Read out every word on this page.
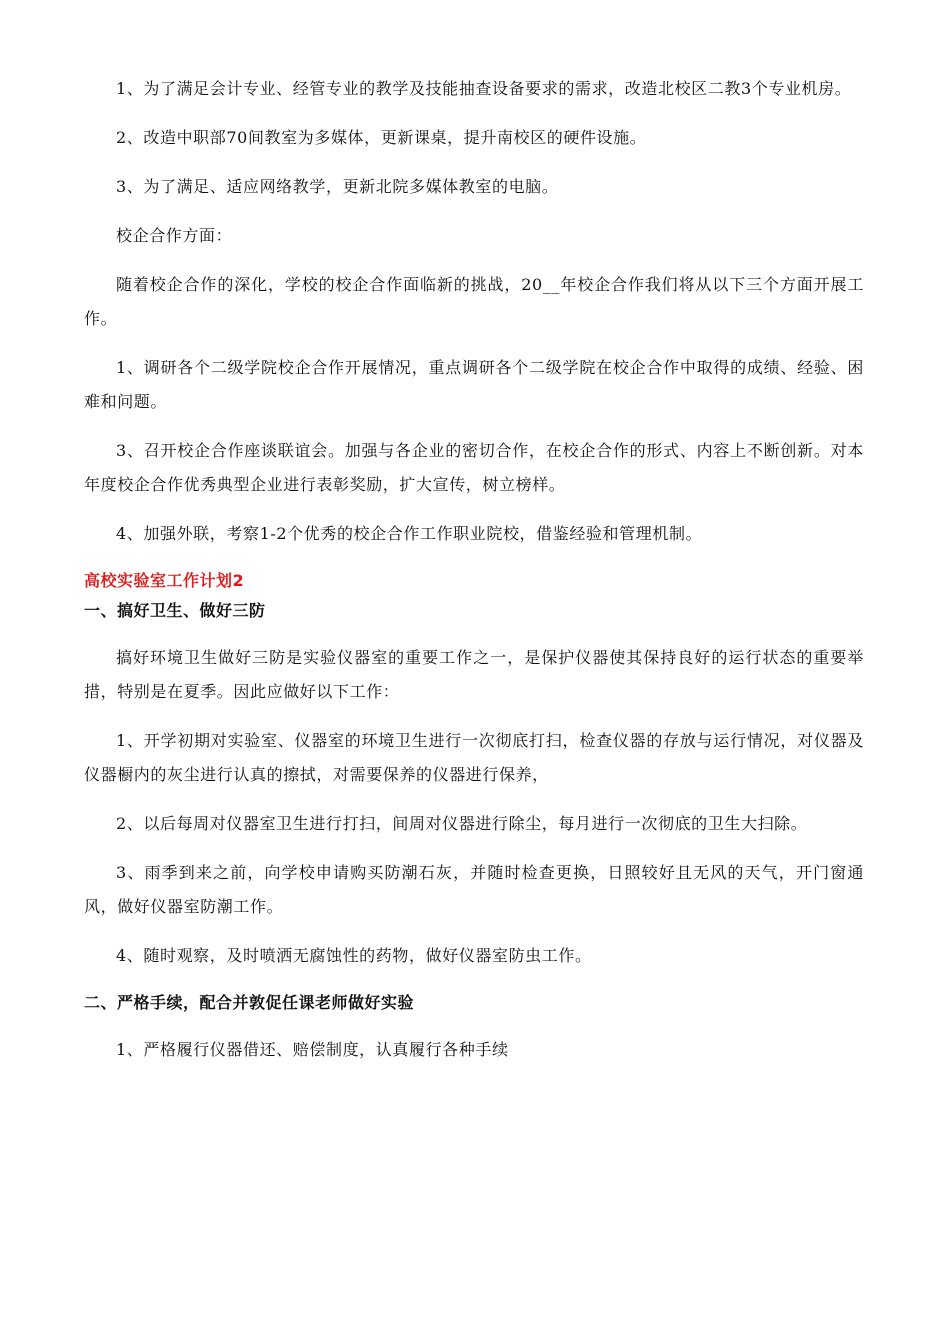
1、为了满足会计专业、经管专业的教学及技能抽查设备要求的需求，改造北校区二教3个专业机房。

2、改造中职部70间教室为多媒体，更新课桌，提升南校区的硬件设施。

3、为了满足、适应网络教学，更新北院多媒体教室的电脑。

校企合作方面：

随着校企合作的深化，学校的校企合作面临新的挑战，20__年校企合作我们将从以下三个方面开展工作。

1、调研各个二级学院校企合作开展情况，重点调研各个二级学院在校企合作中取得的成绩、经验、困难和问题。

3、召开校企合作座谈联谊会。加强与各企业的密切合作，在校企合作的形式、内容上不断创新。对本年度校企合作优秀典型企业进行表彰奖励，扩大宣传，树立榜样。

4、加强外联，考察1-2个优秀的校企合作工作职业院校，借鉴经验和管理机制。

高校实验室工作计划2
一、搞好卫生、做好三防

搞好环境卫生做好三防是实验仪器室的重要工作之一，是保护仪器使其保持良好的运行状态的重要举措，特别是在夏季。因此应做好以下工作：

1、开学初期对实验室、仪器室的环境卫生进行一次彻底打扫，检查仪器的存放与运行情况，对仪器及仪器橱内的灰尘进行认真的擦拭，对需要保养的仪器进行保养，

2、以后每周对仪器室卫生进行打扫，间周对仪器进行除尘，每月进行一次彻底的卫生大扫除。

3、雨季到来之前，向学校申请购买防潮石灰，并随时检查更换，日照较好且无风的天气，开门窗通风，做好仪器室防潮工作。

4、随时观察，及时喷洒无腐蚀性的药物，做好仪器室防虫工作。

二、严格手续，配合并敦促任课老师做好实验

1、严格履行仪器借还、赔偿制度，认真履行各种手续
